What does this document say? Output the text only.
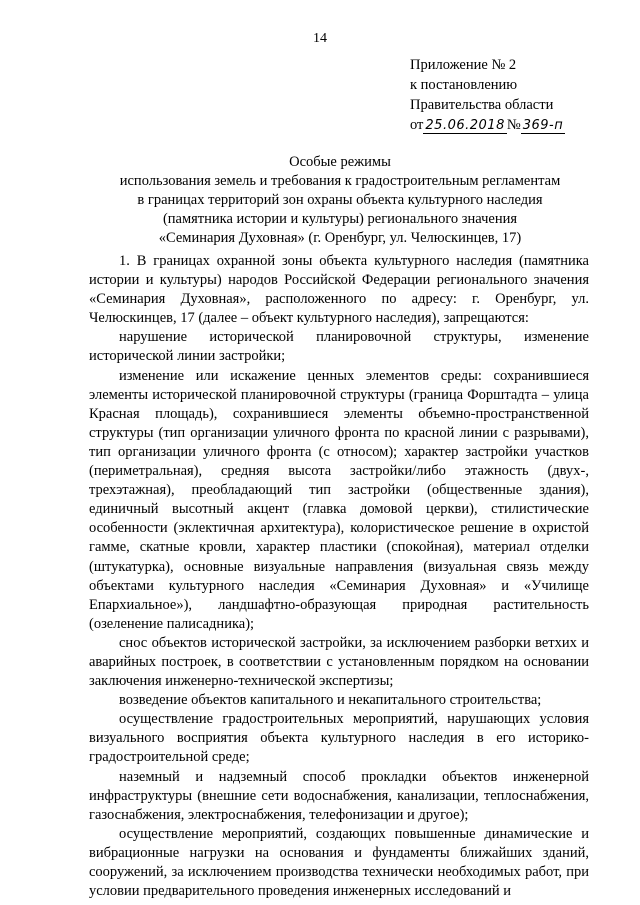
14
Приложение № 2
к постановлению
Правительства области
от 25.06.2018 № 369-п
Особые режимы
использования земель и требования к градостроительным регламентам
в границах территорий зон охраны объекта культурного наследия
(памятника истории и культуры) регионального значения
«Семинария Духовная» (г. Оренбург, ул. Челюскинцев, 17)

1. В границах охранной зоны объекта культурного наследия (памятника истории и культуры) народов Российской Федерации регионального значения «Семинария Духовная», расположенного по адресу: г. Оренбург, ул. Челюскинцев, 17 (далее – объект культурного наследия), запрещаются:

нарушение исторической планировочной структуры, изменение исторической линии застройки;

изменение или искажение ценных элементов среды: сохранившиеся элементы исторической планировочной структуры (граница Форштадта – улица Красная площадь), сохранившиеся элементы объемно-пространственной структуры (тип организации уличного фронта по красной линии с разрывами), тип организации уличного фронта (с относом); характер застройки участков (периметральная), средняя высота застройки/либо этажность (двух-, трехэтажная), преобладающий тип застройки (общественные здания), единичный высотный акцент (главка домовой церкви), стилистические особенности (эклектичная архитектура), колористическое решение в охристой гамме, скатные кровли, характер пластики (спокойная), материал отделки (штукатурка), основные визуальные направления (визуальная связь между объектами культурного наследия «Семинария Духовная» и «Училище Епархиальное»), ландшафтно-образующая природная растительность (озеленение палисадника);

снос объектов исторической застройки, за исключением разборки ветхих и аварийных построек, в соответствии с установленным порядком на основании заключения инженерно-технической экспертизы;

возведение объектов капитального и некапитального строительства;

осуществление градостроительных мероприятий, нарушающих условия визуального восприятия объекта культурного наследия в его историко-градостроительной среде;

наземный и надземный способ прокладки объектов инженерной инфраструктуры (внешние сети водоснабжения, канализации, теплоснабжения, газоснабжения, электроснабжения, телефонизации и другое);

осуществление мероприятий, создающих повышенные динамические и вибрационные нагрузки на основания и фундаменты ближайших зданий, сооружений, за исключением производства технически необходимых работ, при условии предварительного проведения инженерных исследований и
